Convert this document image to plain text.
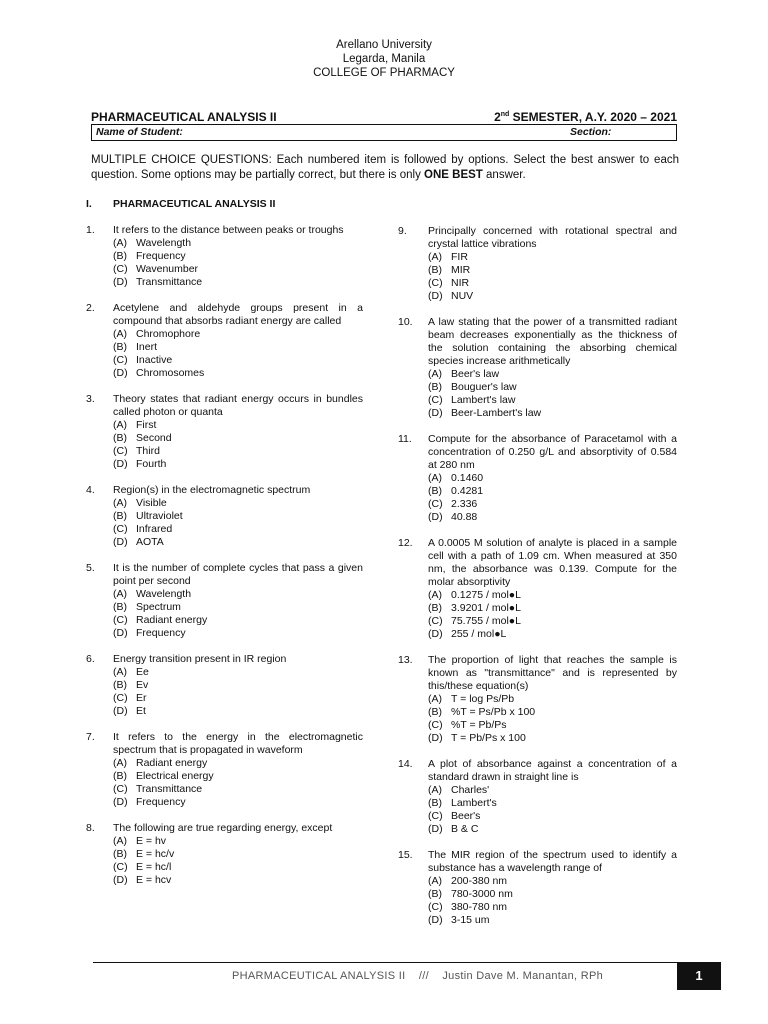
Arellano University
Legarda, Manila
COLLEGE OF PHARMACY
PHARMACEUTICAL ANALYSIS II	2nd SEMESTER, A.Y. 2020 – 2021
Name of Student:	Section:
MULTIPLE CHOICE QUESTIONS: Each numbered item is followed by options. Select the best answer to each question. Some options may be partially correct, but there is only ONE BEST answer.
I.	PHARMACEUTICAL ANALYSIS II
1.	It refers to the distance between peaks or troughs
(A) Wavelength
(B) Frequency
(C) Wavenumber
(D) Transmittance
2.	Acetylene and aldehyde groups present in a compound that absorbs radiant energy are called
(A) Chromophore
(B) Inert
(C) Inactive
(D) Chromosomes
3.	Theory states that radiant energy occurs in bundles called photon or quanta
(A) First
(B) Second
(C) Third
(D) Fourth
4.	Region(s) in the electromagnetic spectrum
(A) Visible
(B) Ultraviolet
(C) Infrared
(D) AOTA
5.	It is the number of complete cycles that pass a given point per second
(A) Wavelength
(B) Spectrum
(C) Radiant energy
(D) Frequency
6.	Energy transition present in IR region
(A) Ee
(B) Ev
(C) Er
(D) Et
7.	It refers to the energy in the electromagnetic spectrum that is propagated in waveform
(A) Radiant energy
(B) Electrical energy
(C) Transmittance
(D) Frequency
8.	The following are true regarding energy, except
(A) E = hv
(B) E = hc/v
(C) E = hc/l
(D) E = hcv
9.	Principally concerned with rotational spectral and crystal lattice vibrations
(A) FIR
(B) MIR
(C) NIR
(D) NUV
10.	A law stating that the power of a transmitted radiant beam decreases exponentially as the thickness of the solution containing the absorbing chemical species increase arithmetically
(A) Beer's law
(B) Bouguer's law
(C) Lambert's law
(D) Beer-Lambert's law
11.	Compute for the absorbance of Paracetamol with a concentration of 0.250 g/L and absorptivity of 0.584 at 280 nm
(A) 0.1460
(B) 0.4281
(C) 2.336
(D) 40.88
12.	A 0.0005 M solution of analyte is placed in a sample cell with a path of 1.09 cm. When measured at 350 nm, the absorbance was 0.139. Compute for the molar absorptivity
(A) 0.1275 / mol●L
(B) 3.9201 / mol●L
(C) 75.755 / mol●L
(D) 255 / mol●L
13.	The proportion of light that reaches the sample is known as "transmittance" and is represented by this/these equation(s)
(A) T = log Ps/Pb
(B) %T = Ps/Pb x 100
(C) %T = Pb/Ps
(D) T = Pb/Ps x 100
14.	A plot of absorbance against a concentration of a standard drawn in straight line is
(A) Charles'
(B) Lambert's
(C) Beer's
(D) B & C
15.	The MIR region of the spectrum used to identify a substance has a wavelength range of
(A) 200-380 nm
(B) 780-3000 nm
(C) 380-780 nm
(D) 3-15 um
PHARMACEUTICAL ANALYSIS II    ///    Justin Dave M. Manantan, RPh	1
